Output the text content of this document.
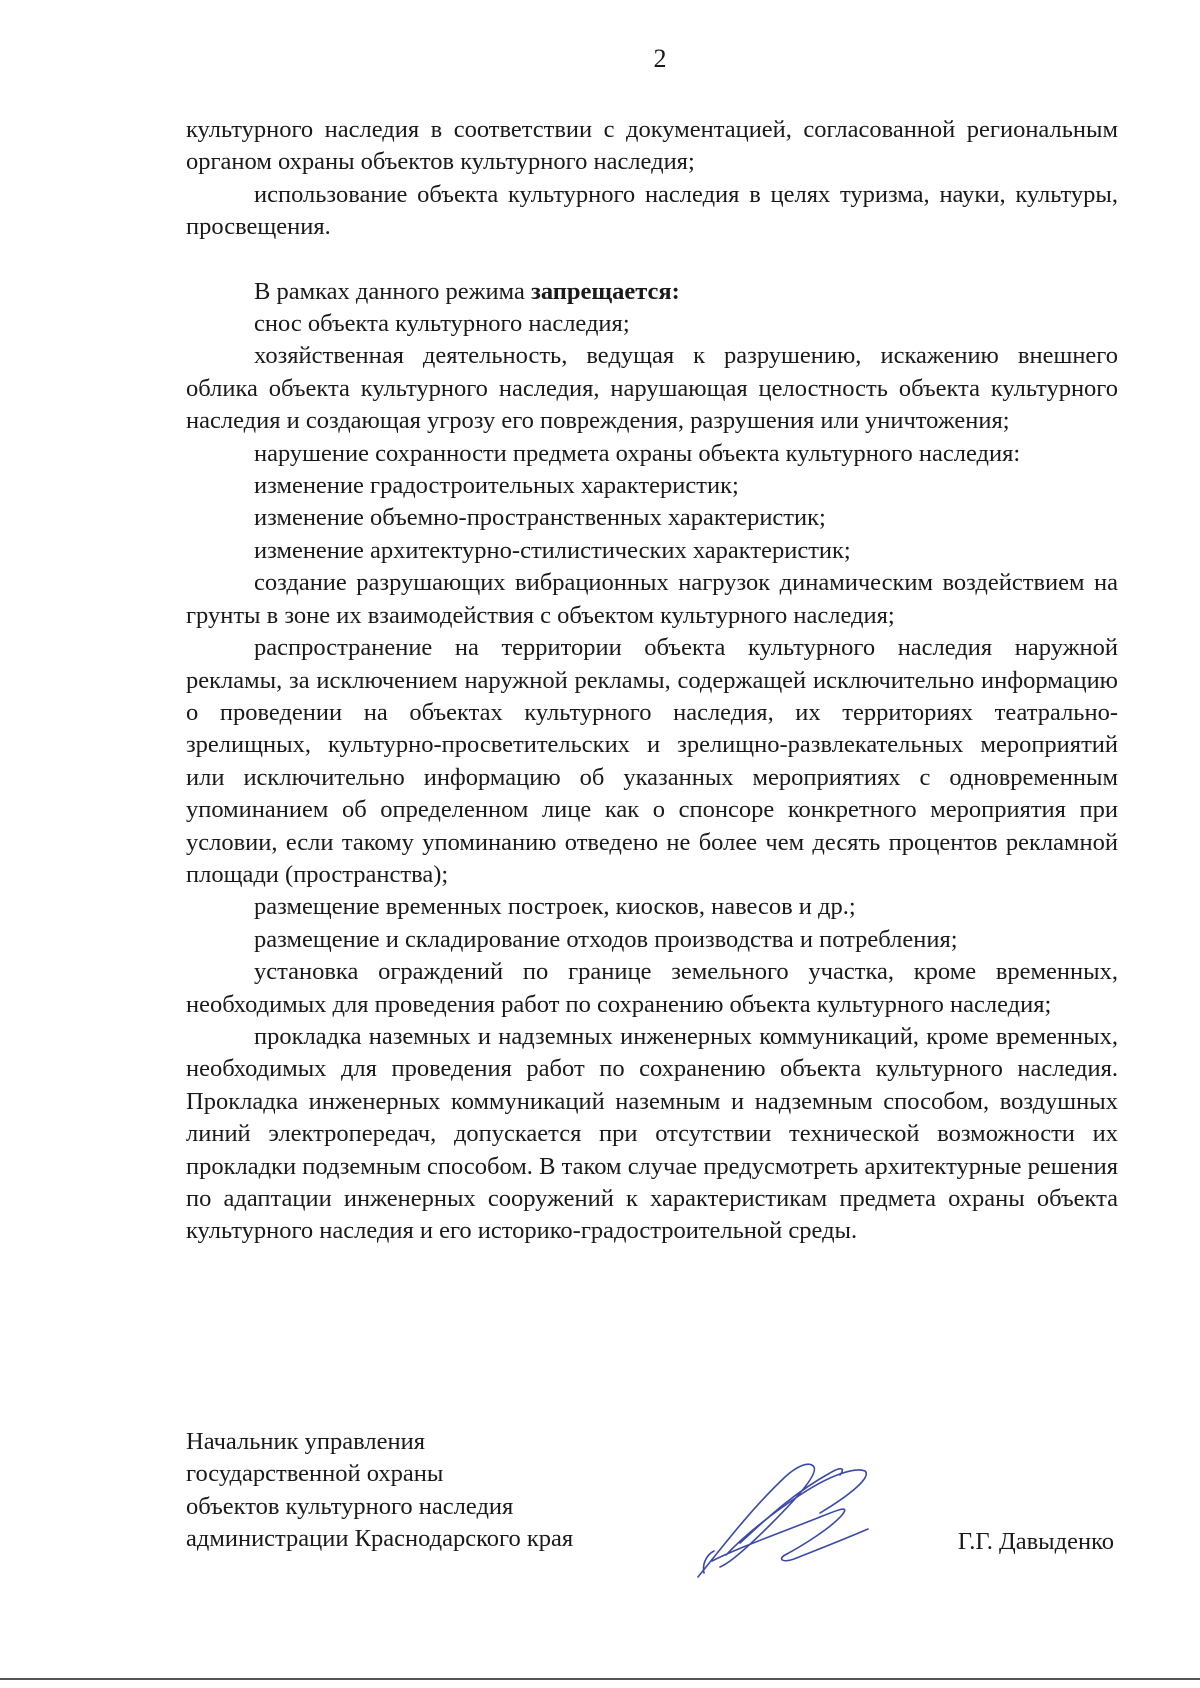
2

культурного наследия в соответствии с документацией, согласованной региональным органом охраны объектов культурного наследия;

использование объекта культурного наследия в целях туризма, науки, культуры, просвещения.

В рамках данного режима запрещается:

снос объекта культурного наследия;

хозяйственная деятельность, ведущая к разрушению, искажению внешнего облика объекта культурного наследия, нарушающая целостность объекта культурного наследия и создающая угрозу его повреждения, разрушения или уничтожения;

нарушение сохранности предмета охраны объекта культурного наследия:

изменение градостроительных характеристик;

изменение объемно-пространственных характеристик;

изменение архитектурно-стилистических характеристик;

создание разрушающих вибрационных нагрузок динамическим воздействием на грунты в зоне их взаимодействия с объектом культурного наследия;

распространение на территории объекта культурного наследия наружной рекламы, за исключением наружной рекламы, содержащей исключительно информацию о проведении на объектах культурного наследия, их территориях театрально-зрелищных, культурно-просветительских и зрелищно-развлекательных мероприятий или исключительно информацию об указанных мероприятиях с одновременным упоминанием об определенном лице как о спонсоре конкретного мероприятия при условии, если такому упоминанию отведено не более чем десять процентов рекламной площади (пространства);

размещение временных построек, киосков, навесов и др.;

размещение и складирование отходов производства и потребления;

установка ограждений по границе земельного участка, кроме временных, необходимых для проведения работ по сохранению объекта культурного наследия;

прокладка наземных и надземных инженерных коммуникаций, кроме временных, необходимых для проведения работ по сохранению объекта культурного наследия. Прокладка инженерных коммуникаций наземным и надземным способом, воздушных линий электропередач, допускается при отсутствии технической возможности их прокладки подземным способом. В таком случае предусмотреть архитектурные решения по адаптации инженерных сооружений к характеристикам предмета охраны объекта культурного наследия и его историко-градостроительной среды.

Начальник управления
государственной охраны
объектов культурного наследия
администрации Краснодарского края	Г.Г. Давыденко
